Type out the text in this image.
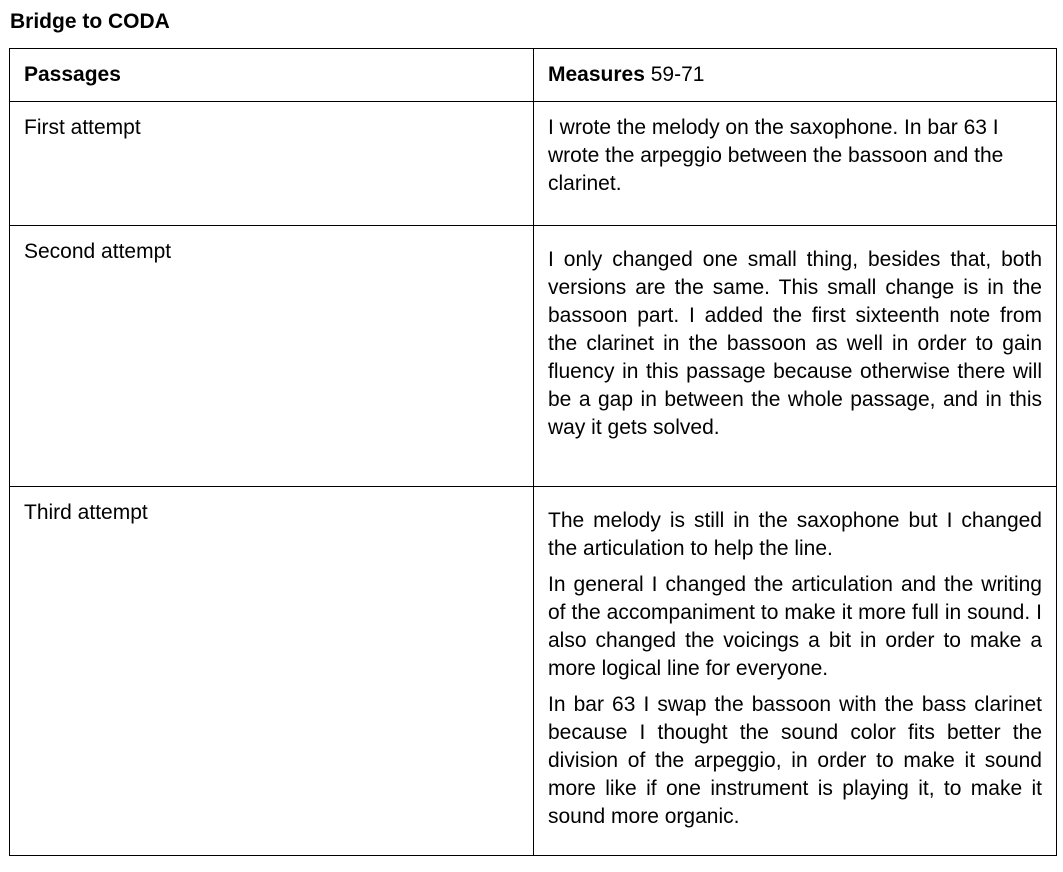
Bridge to CODA
Passages	Measures 59-71
First attempt	I wrote the melody on the saxophone. In bar 63 I wrote the arpeggio between the bassoon and the clarinet.

Second attempt	I only changed one small thing, besides that, both versions are the same. This small change is in the bassoon part. I added the first sixteenth note from the clarinet in the bassoon as well in order to gain fluency in this passage because otherwise there will be a gap in between the whole passage, and in this way it gets solved.

Third attempt	The melody is still in the saxophone but I changed the articulation to help the line.

In general I changed the articulation and the writing of the accompaniment to make it more full in sound. I also changed the voicings a bit in order to make a more logical line for everyone.

In bar 63 I swap the bassoon with the bass clarinet because I thought the sound color fits better the division of the arpeggio, in order to make it sound more like if one instrument is playing it, to make it sound more organic.
